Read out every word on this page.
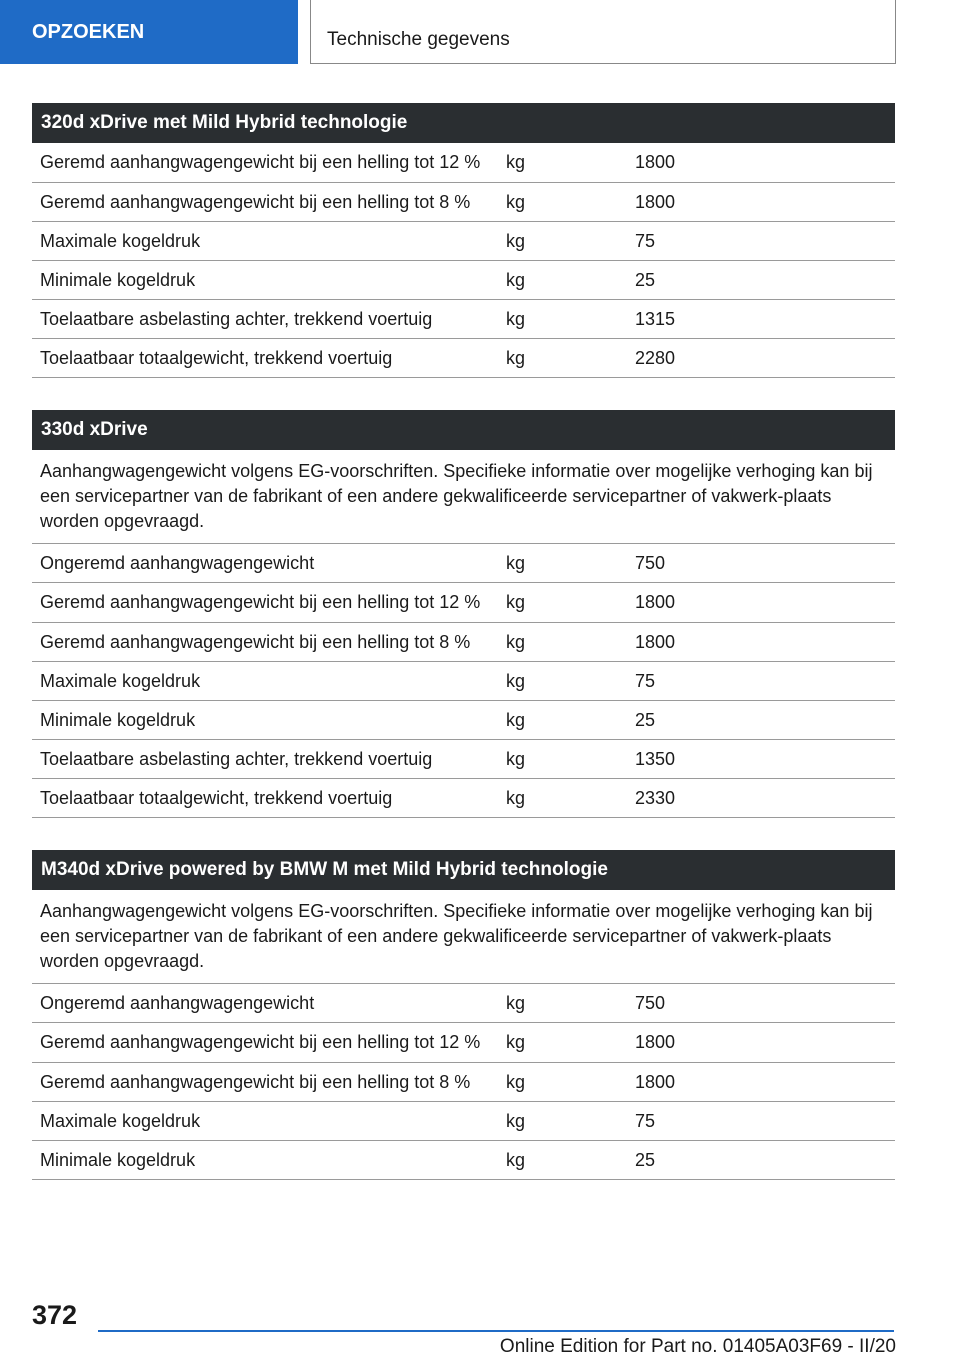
OPZOEKEN	Technische gegevens
320d xDrive met Mild Hybrid technologie
Geremd aanhangwagengewicht bij een helling tot 12 %	kg	1800
Geremd aanhangwagengewicht bij een helling tot 8 %	kg	1800
Maximale kogeldruk	kg	75
Minimale kogeldruk	kg	25
Toelaatbare asbelasting achter, trekkend voertuig	kg	1315
Toelaatbaar totaalgewicht, trekkend voertuig	kg	2280
330d xDrive
Aanhangwagengewicht volgens EG-voorschriften. Specifieke informatie over mogelijke verhoging kan bij een servicepartner van de fabrikant of een andere gekwalificeerde servicepartner of vakwerk-plaats worden opgevraagd.
Ongeremd aanhangwagengewicht	kg	750
Geremd aanhangwagengewicht bij een helling tot 12 %	kg	1800
Geremd aanhangwagengewicht bij een helling tot 8 %	kg	1800
Maximale kogeldruk	kg	75
Minimale kogeldruk	kg	25
Toelaatbare asbelasting achter, trekkend voertuig	kg	1350
Toelaatbaar totaalgewicht, trekkend voertuig	kg	2330
M340d xDrive powered by BMW M met Mild Hybrid technologie
Aanhangwagengewicht volgens EG-voorschriften. Specifieke informatie over mogelijke verhoging kan bij een servicepartner van de fabrikant of een andere gekwalificeerde servicepartner of vakwerk-plaats worden opgevraagd.
Ongeremd aanhangwagengewicht	kg	750
Geremd aanhangwagengewicht bij een helling tot 12 %	kg	1800
Geremd aanhangwagengewicht bij een helling tot 8 %	kg	1800
Maximale kogeldruk	kg	75
Minimale kogeldruk	kg	25
372
Online Edition for Part no. 01405A03F69 - II/20
